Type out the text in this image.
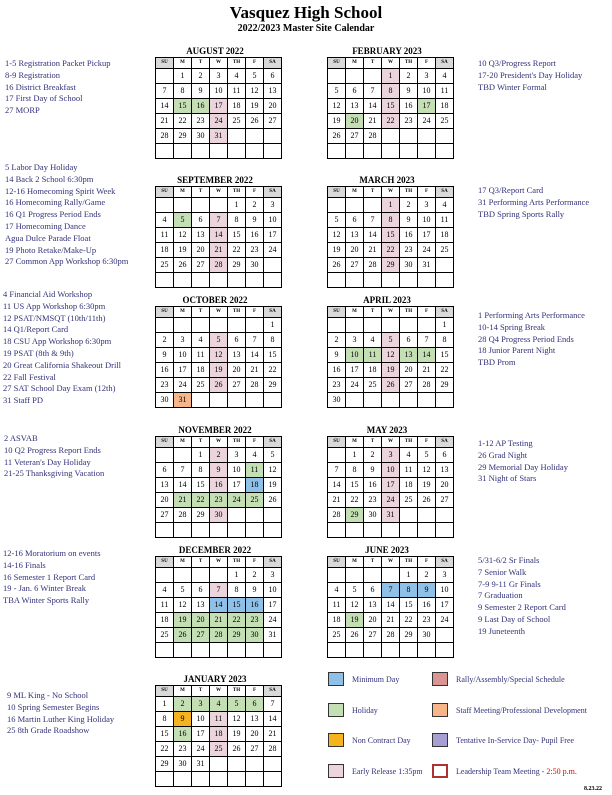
Vasquez High School
2022/2023 Master Site Calendar
AUGUST 2022
SU	M	T	W	TH	F	SA
	1	2	3	4	5	6
7	8	9	10	11	12	13
14	15	16	17	18	19	20
21	22	23	24	25	26	27
28	29	30	31			

FEBRUARY 2023
SU	M	T	W	TH	F	SA
			1	2	3	4
5	6	7	8	9	10	11
12	13	14	15	16	17	18
19	20	21	22	23	24	25
26	27	28				

SEPTEMBER 2022
SU	M	T	W	TH	F	SA
				1	2	3
4	5	6	7	8	9	10
11	12	13	14	15	16	17
18	19	20	21	22	23	24
25	26	27	28	29	30	

MARCH 2023
SU	M	T	W	TH	F	SA
			1	2	3	4
5	6	7	8	9	10	11
12	13	14	15	16	17	18
19	20	21	22	23	24	25
26	27	28	29	30	31	

OCTOBER 2022
SU	M	T	W	TH	F	SA
						1
2	3	4	5	6	7	8
9	10	11	12	13	14	15
16	17	18	19	20	21	22
23	24	25	26	27	28	29
30	31					
APRIL 2023
SU	M	T	W	TH	F	SA
						1
2	3	4	5	6	7	8
9	10	11	12	13	14	15
16	17	18	19	20	21	22
23	24	25	26	27	28	29
30						
NOVEMBER 2022
SU	M	T	W	TH	F	SA
		1	2	3	4	5
6	7	8	9	10	11	12
13	14	15	16	17	18	19
20	21	22	23	24	25	26
27	28	29	30			

MAY 2023
SU	M	T	W	TH	F	SA
	1	2	3	4	5	6
7	8	9	10	11	12	13
14	15	16	17	18	19	20
21	22	23	24	25	26	27
28	29	30	31			

DECEMBER 2022
SU	M	T	W	TH	F	SA
				1	2	3
4	5	6	7	8	9	10
11	12	13	14	15	16	17
18	19	20	21	22	23	24
25	26	27	28	29	30	31

JUNE 2023
SU	M	T	W	TH	F	SA
				1	2	3
4	5	6	7	8	9	10
11	12	13	14	15	16	17
18	19	20	21	22	23	24
25	26	27	28	29	30	

JANUARY 2023
SU	M	T	W	TH	F	SA
1	2	3	4	5	6	7
8	9	10	11	12	13	14
15	16	17	18	19	20	21
22	23	24	25	26	27	28
29	30	31				

1-5 Registration Packet Pickup
8-9 Registration
16 District Breakfast
17 First Day of School
27 MORP
5 Labor Day Holiday
14 Back 2 School 6:30pm
12-16 Homecoming Spirit Week
16 Homecoming Rally/Game
16 Q1 Progress Period Ends
17 Homecoming Dance
Agua Dulce Parade Float
19 Photo Retake/Make-Up
27 Common App Workshop 6:30pm
4 Financial Aid Workshop
11 US App Workshop 6:30pm
12 PSAT/NMSQT (10th/11th)
14 Q1/Report Card
18 CSU App Workshop 6:30pm
19 PSAT (8th & 9th)
20 Great California Shakeout Drill
22 Fall Festival
27 SAT School Day Exam (12th)
31 Staff PD
2 ASVAB
10 Q2 Progress Report Ends
11 Veteran's Day Holiday
21-25 Thanksgiving Vacation
12-16 Moratorium on events
14-16 Finals
16 Semester 1 Report Card
19 - Jan. 6 Winter Break
TBA Winter Sports Rally
9 ML King - No School
10 Spring Semester Begins
16 Martin Luther King Holiday
25 8th Grade Roadshow
10 Q3/Progress Report
17-20 President's Day Holiday
TBD Winter Formal
17 Q3/Report Card
31 Performing Arts Performance
TBD Spring Sports Rally
1 Performing Arts Performance
10-14 Spring Break
28 Q4 Progress Period Ends
18 Junior Parent Night
TBD Prom
1-12 AP Testing
26 Grad Night
29 Memorial Day Holiday
31 Night of Stars
5/31-6/2 Sr Finals
7 Senior Walk
7-9 9-11 Gr Finals
7 Graduation
9 Semester 2 Report Card
9 Last Day of School
19 Juneteenth
Minimum Day	Rally/Assembly/Special Schedule
Holiday	Staff Meeting/Professional Development
Non Contract Day	Tentative In-Service Day- Pupil Free
Early Release 1:35pm	Leadership Team Meeting - 2:50 p.m.
8.23.22
